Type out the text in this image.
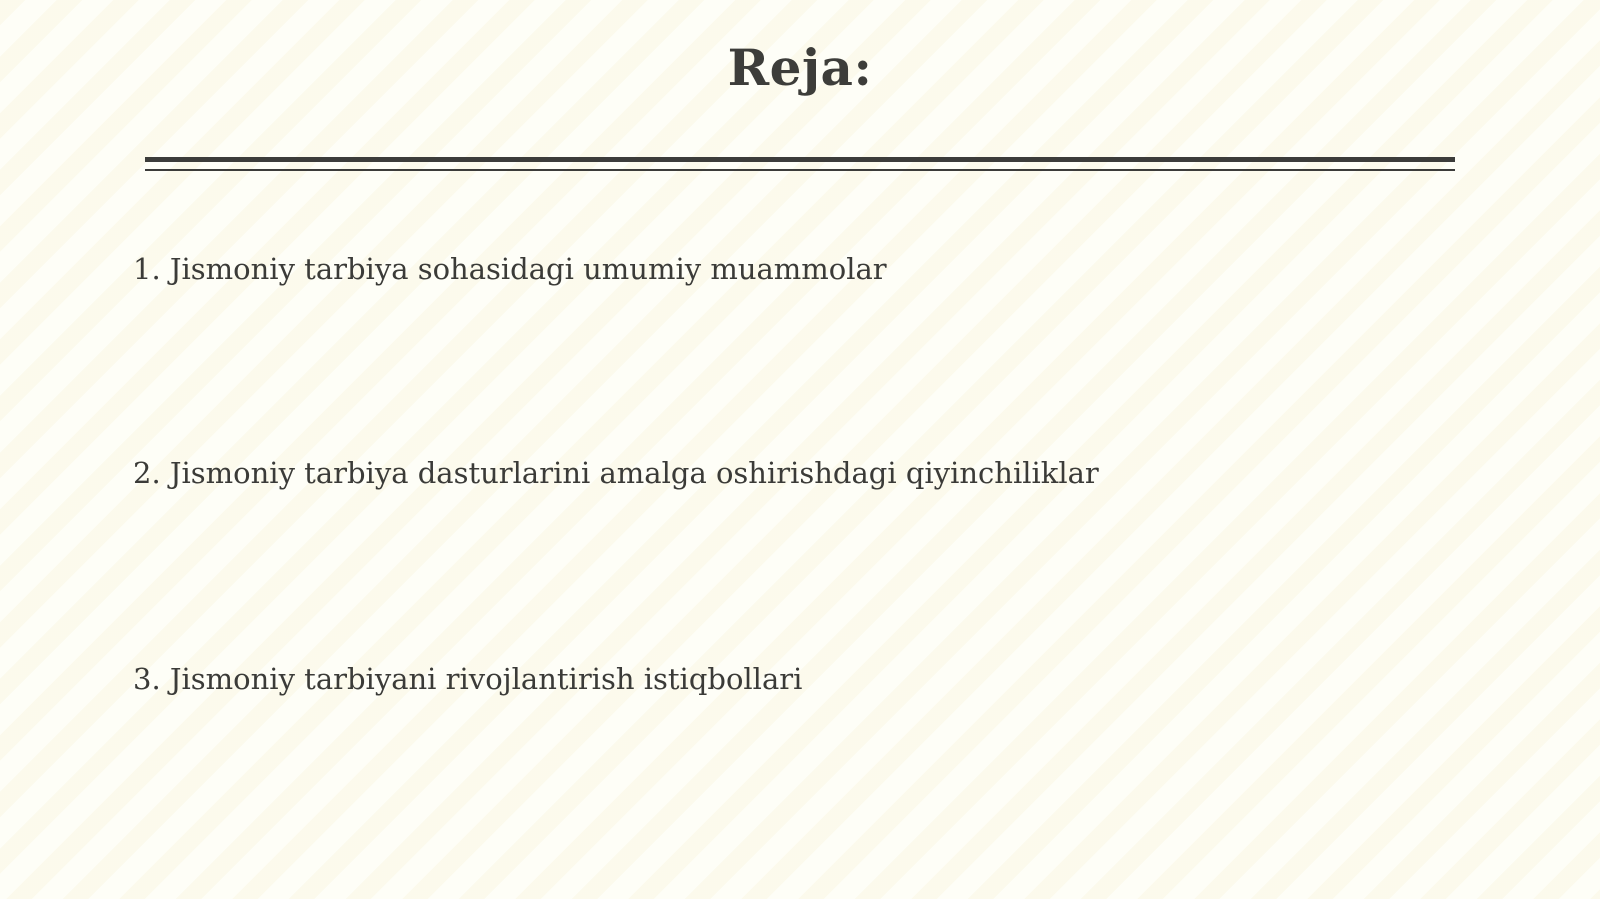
Reja:

1. Jismoniy tarbiya sohasidagi umumiy muammolar

2. Jismoniy tarbiya dasturlarini amalga oshirishdagi qiyinchiliklar

3. Jismoniy tarbiyani rivojlantirish istiqbollari
